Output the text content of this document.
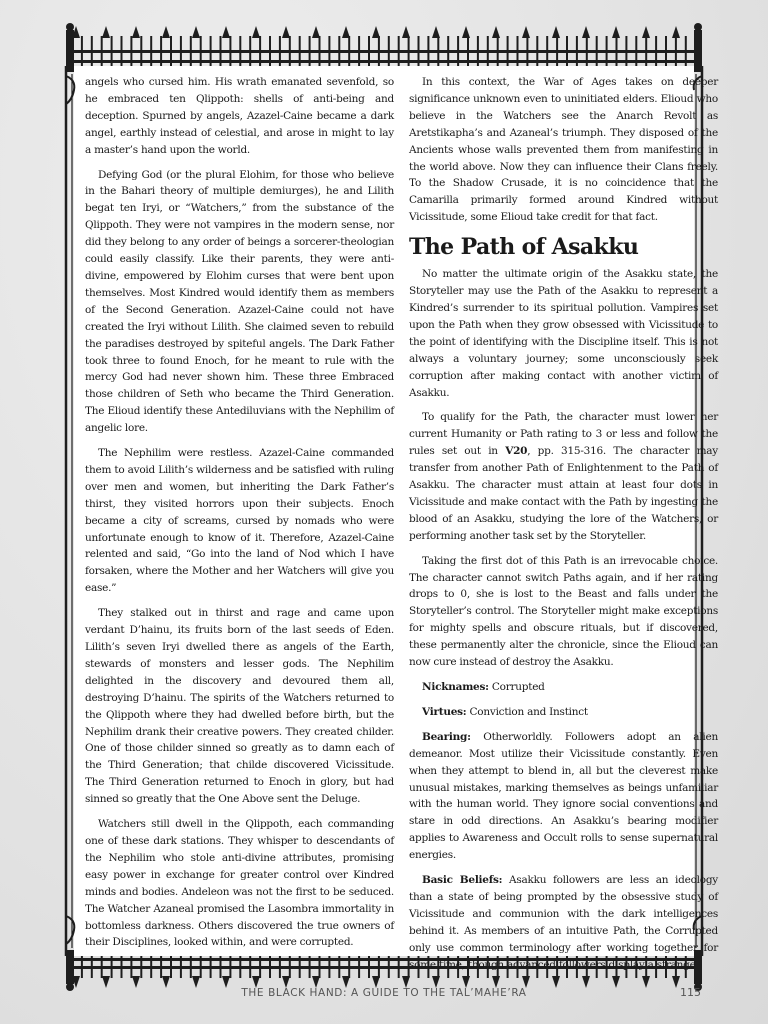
angels who cursed him. His wrath emanated sevenfold, so he embraced ten Qlippoth: shells of anti-being and deception. Spurned by angels, Azazel-Caine became a dark angel, earthly instead of celestial, and arose in might to lay a master’s hand upon the world.

Defying God (or the plural Elohim, for those who believe in the Bahari theory of multiple demiurges), he and Lilith begat ten Iryi, or “Watchers,” from the substance of the Qlippoth. They were not vampires in the modern sense, nor did they belong to any order of beings a sorcerer-theologian could easily classify. Like their parents, they were anti-divine, empowered by Elohim curses that were bent upon themselves. Most Kindred would identify them as members of the Second Generation. Azazel-Caine could not have created the Iryi without Lilith. She claimed seven to rebuild the paradises destroyed by spiteful angels. The Dark Father took three to found Enoch, for he meant to rule with the mercy God had never shown him. These three Embraced those children of Seth who became the Third Generation. The Elioud identify these Antediluvians with the Nephilim of angelic lore.

The Nephilim were restless. Azazel-Caine commanded them to avoid Lilith’s wilderness and be satisfied with ruling over men and women, but inheriting the Dark Father’s thirst, they visited horrors upon their subjects. Enoch became a city of screams, cursed by nomads who were unfortunate enough to know of it. Therefore, Azazel-Caine relented and said, “Go into the land of Nod which I have forsaken, where the Mother and her Watchers will give you ease.”

They stalked out in thirst and rage and came upon verdant D’hainu, its fruits born of the last seeds of Eden. Lilith’s seven Iryi dwelled there as angels of the Earth, stewards of monsters and lesser gods. The Nephilim delighted in the discovery and devoured them all, destroying D’hainu. The spirits of the Watchers returned to the Qlippoth where they had dwelled before birth, but the Nephilim drank their creative powers. They created childer. One of those childer sinned so greatly as to damn each of the Third Generation; that childe discovered Vicissitude. The Third Generation returned to Enoch in glory, but had sinned so greatly that the One Above sent the Deluge.

Watchers still dwell in the Qlippoth, each commanding one of these dark stations. They whisper to descendants of the Nephilim who stole anti-divine attributes, promising easy power in exchange for greater control over Kindred minds and bodies. Andeleon was not the first to be seduced. The Watcher Azaneal promised the Lasombra immortality in bottomless darkness. Others discovered the true owners of their Disciplines, looked within, and were corrupted.

In this context, the War of Ages takes on deeper significance unknown even to uninitiated elders. Elioud who believe in the Watchers see the Anarch Revolt as Aretstikapha’s and Azaneal’s triumph. They disposed of the Ancients whose walls prevented them from manifesting in the world above. Now they can influence their Clans freely. To the Shadow Crusade, it is no coincidence that the Camarilla primarily formed around Kindred without Vicissitude, some Elioud take credit for that fact.

The Path of Asakku

No matter the ultimate origin of the Asakku state, the Storyteller may use the Path of the Asakku to represent a Kindred’s surrender to its spiritual pollution. Vampires set upon the Path when they grow obsessed with Vicissitude to the point of identifying with the Discipline itself. This is not always a voluntary journey; some unconsciously seek corruption after making contact with another victim of Asakku.

To qualify for the Path, the character must lower her current Humanity or Path rating to 3 or less and follow the rules set out in V20, pp. 315-316. The character may transfer from another Path of Enlightenment to the Path of Asakku. The character must attain at least four dots in Vicissitude and make contact with the Path by ingesting the blood of an Asakku, studying the lore of the Watchers, or performing another task set by the Storyteller.

Taking the first dot of this Path is an irrevocable choice. The character cannot switch Paths again, and if her rating drops to 0, she is lost to the Beast and falls under the Storyteller’s control. The Storyteller might make exceptions for mighty spells and obscure rituals, but if discovered, these permanently alter the chronicle, since the Elioud can now cure instead of destroy the Asakku.

Nicknames: Corrupted

Virtues: Conviction and Instinct

Bearing: Otherworldly. Followers adopt an alien demeanor. Most utilize their Vicissitude constantly. Even when they attempt to blend in, all but the cleverest make unusual mistakes, marking themselves as beings unfamiliar with the human world. They ignore social conventions and stare in odd directions. An Asakku’s bearing modifier applies to Awareness and Occult rolls to sense supernatural energies.

Basic Beliefs: Asakku followers are less an ideology than a state of being prompted by the obsessive study of Vicissitude and communion with the dark intelligences behind it. As members of an intuitive Path, the Corrupted only use common terminology after working together for some time, though advanced followers display a strange

THE BLACK HAND: A GUIDE TO THE TAL’MAHE’RA	115
